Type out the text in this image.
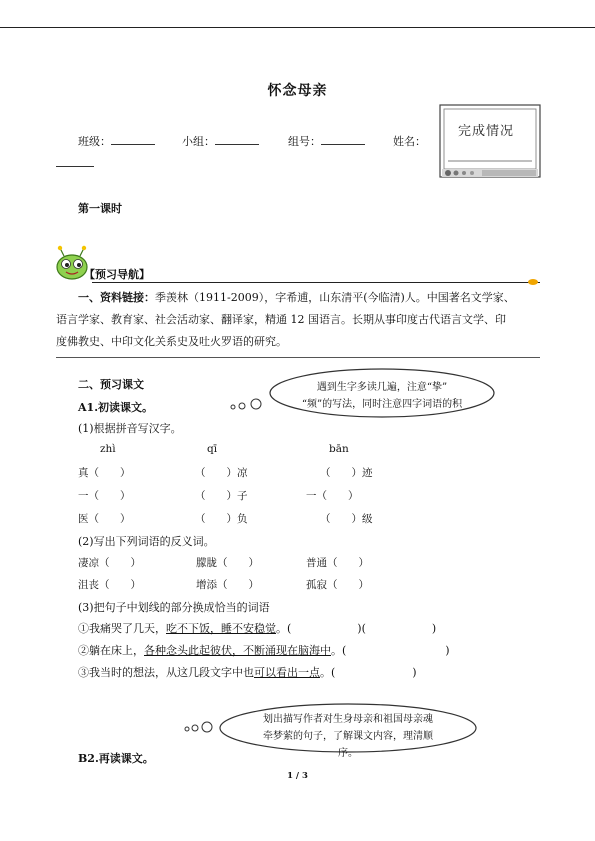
怀念母亲
班级：	小组：	组号：	姓名：
完成情况
第一课时
【预习导航】
一、资料链接：季羡林（1911-2009），字希逋，山东清平(今临清)人。中国著名文学家、
语言学家、教育家、社会活动家、翻译家，精通 12 国语言。长期从事印度古代语言文学、印
度佛教史、中印文化关系史及吐火罗语的研究。
二、预习课文
A1.初读课文。
遇到生字多读几遍，注意“挚”
“频”的写法，同时注意四字词语的积
(1)根据拼音写汉字。
zhì	qī	bān
真（　　）	（　　）凉	（　　）迹
一（　　）	（　　）子	一（　　）
医（　　）	（　　）负	（　　）级
(2)写出下列词语的反义词。
凄凉（　　）	朦胧（　　）	普通（　　）
沮丧（　　）	增添（　　）	孤寂（　　）
(3)把句子中划线的部分换成恰当的词语
①我痛哭了几天，吃不下饭，睡不安稳觉。(　　　　　　)(　　　　　　)
②躺在床上，各种念头此起彼伏，不断涌现在脑海中。(　　　　　　　　　)
③我当时的想法，从这几段文字中也可以看出一点。(　　　　　　　)
划出描写作者对生身母亲和祖国母亲魂
牵梦萦的句子，了解课文内容，理清顺序。
B2.再读课文。
1 / 3
